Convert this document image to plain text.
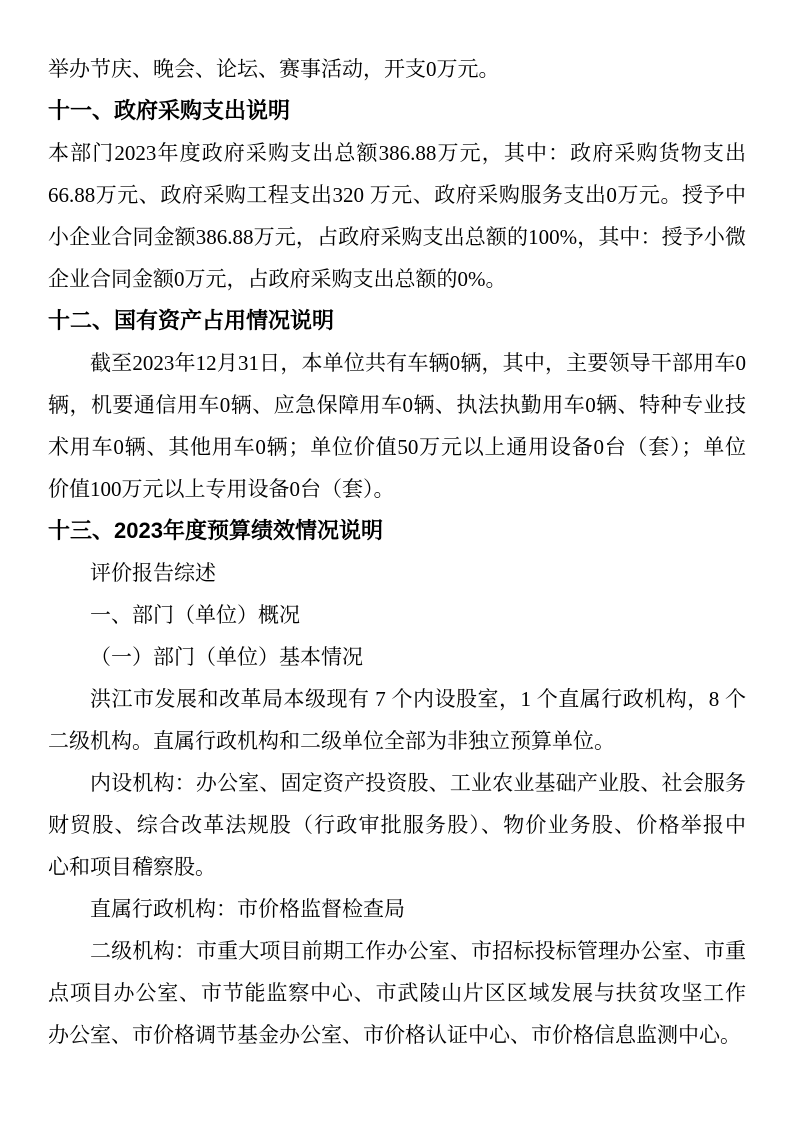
举办节庆、晚会、论坛、赛事活动，开支0万元。
十一、政府采购支出说明
本部门2023年度政府采购支出总额386.88万元，其中：政府采购货物支出
66.88万元、政府采购工程支出320 万元、政府采购服务支出0万元。授予中
小企业合同金额386.88万元，占政府采购支出总额的100%，其中：授予小微
企业合同金额0万元，占政府采购支出总额的0%。
十二、国有资产占用情况说明
截至2023年12月31日，本单位共有车辆0辆，其中，主要领导干部用车0
辆，机要通信用车0辆、应急保障用车0辆、执法执勤用车0辆、特种专业技
术用车0辆、其他用车0辆；单位价值50万元以上通用设备0台（套）；单位
价值100万元以上专用设备0台（套）。
十三、2023年度预算绩效情况说明
评价报告综述
一、部门（单位）概况
（一）部门（单位）基本情况
洪江市发展和改革局本级现有 7 个内设股室，1 个直属行政机构，8 个
二级机构。直属行政机构和二级单位全部为非独立预算单位。
内设机构：办公室、固定资产投资股、工业农业基础产业股、社会服务
财贸股、综合改革法规股（行政审批服务股）、物价业务股、价格举报中
心和项目稽察股。
直属行政机构：市价格监督检查局
二级机构：市重大项目前期工作办公室、市招标投标管理办公室、市重
点项目办公室、市节能监察中心、市武陵山片区区域发展与扶贫攻坚工作
办公室、市价格调节基金办公室、市价格认证中心、市价格信息监测中心。
